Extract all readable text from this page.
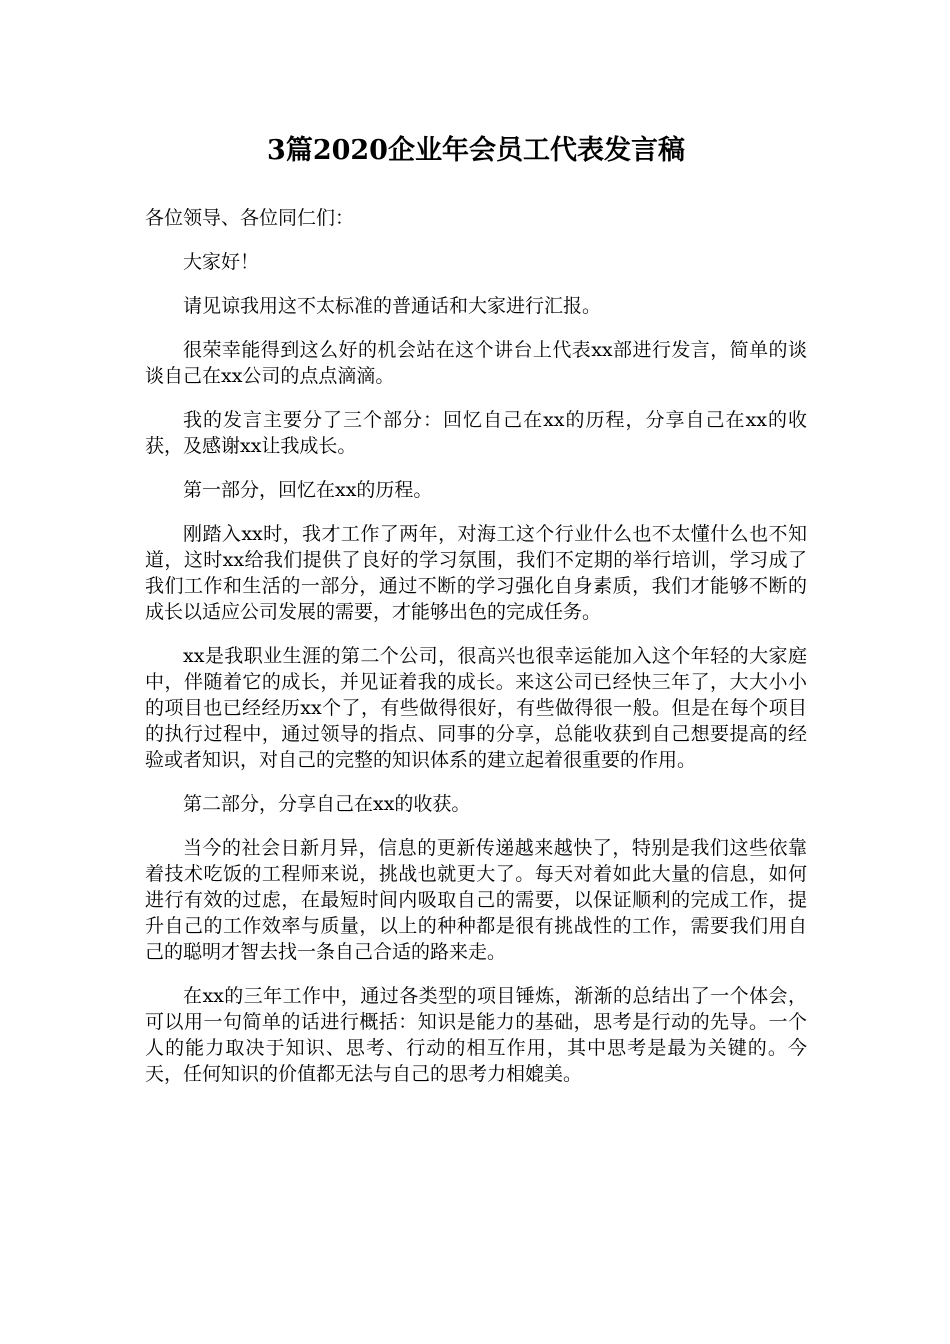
3篇2020企业年会员工代表发言稿

各位领导、各位同仁们：

大家好！

请见谅我用这不太标准的普通话和大家进行汇报。

很荣幸能得到这么好的机会站在这个讲台上代表xx部进行发言，简单的谈谈自己在xx公司的点点滴滴。

我的发言主要分了三个部分：回忆自己在xx的历程，分享自己在xx的收获，及感谢xx让我成长。

第一部分，回忆在xx的历程。

刚踏入xx时，我才工作了两年，对海工这个行业什么也不太懂什么也不知道，这时xx给我们提供了良好的学习氛围，我们不定期的举行培训，学习成了我们工作和生活的一部分，通过不断的学习强化自身素质，我们才能够不断的成长以适应公司发展的需要，才能够出色的完成任务。

xx是我职业生涯的第二个公司，很高兴也很幸运能加入这个年轻的大家庭中，伴随着它的成长，并见证着我的成长。来这公司已经快三年了，大大小小的项目也已经经历xx个了，有些做得很好，有些做得很一般。但是在每个项目的执行过程中，通过领导的指点、同事的分享，总能收获到自己想要提高的经验或者知识，对自己的完整的知识体系的建立起着很重要的作用。

第二部分，分享自己在xx的收获。

当今的社会日新月异，信息的更新传递越来越快了，特别是我们这些依靠着技术吃饭的工程师来说，挑战也就更大了。每天对着如此大量的信息，如何进行有效的过虑，在最短时间内吸取自己的需要，以保证顺利的完成工作，提升自己的工作效率与质量，以上的种种都是很有挑战性的工作，需要我们用自己的聪明才智去找一条自己合适的路来走。

在xx的三年工作中，通过各类型的项目锤炼，渐渐的总结出了一个体会，可以用一句简单的话进行概括：知识是能力的基础，思考是行动的先导。一个人的能力取决于知识、思考、行动的相互作用，其中思考是最为关键的。今天，任何知识的价值都无法与自己的思考力相媲美。
